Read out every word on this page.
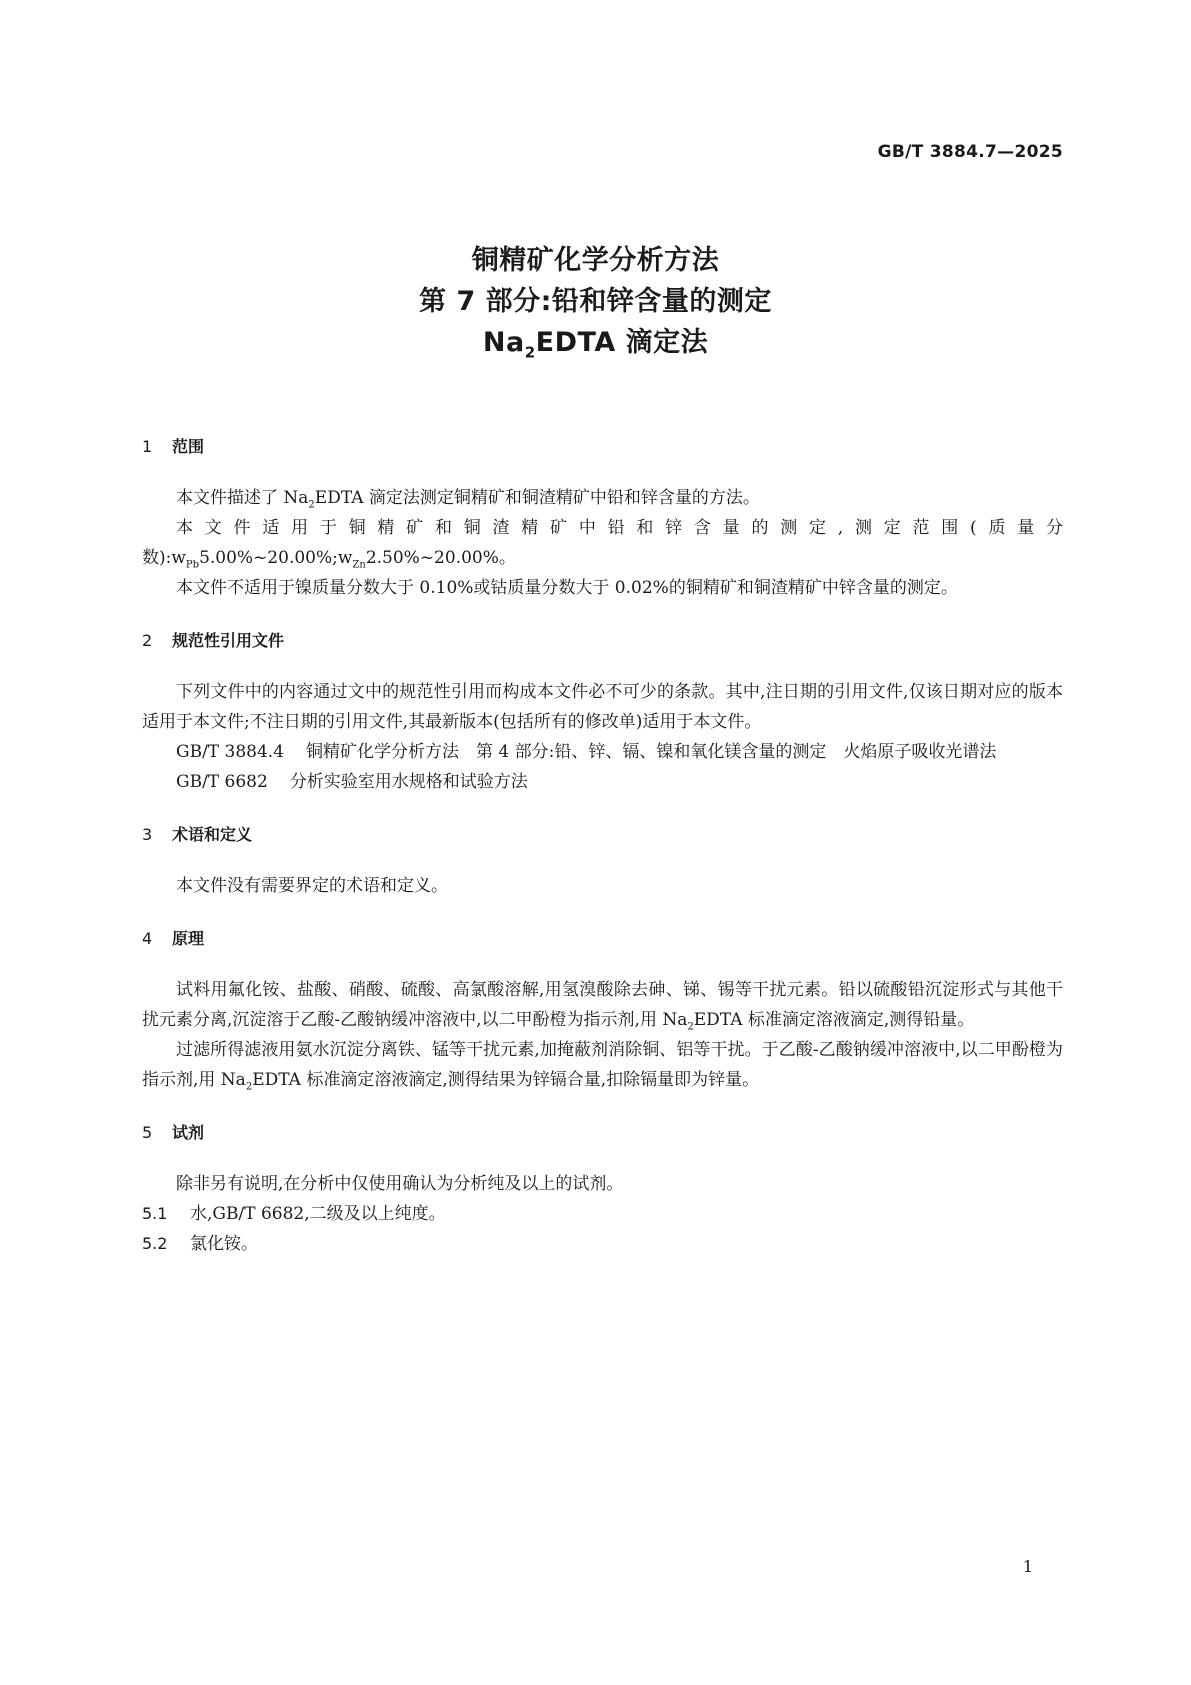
GB/T 3884.7—2025
铜精矿化学分析方法
第 7 部分:铅和锌含量的测定
$Na_2EDTA$ 滴定法

1 范围

本文件描述了 $Na_2EDTA$ 滴定法测定铜精矿和铜渣精矿中铅和锌含量的方法。

本文件适用于铜精矿和铜渣精矿中铅和锌含量的测定,测定范围(质量分数)$:w_{Pb}5.00\%\sim 20.00\%;w_{Zn}2.50\%\sim 20.00\%$。

本文件不适用于镍质量分数大于 0.10%或钴质量分数大于 0.02%的铜精矿和铜渣精矿中锌含量的测定。

2 规范性引用文件

下列文件中的内容通过文中的规范性引用而构成本文件必不可少的条款。其中,注日期的引用文件,仅该日期对应的版本适用于本文件;不注日期的引用文件,其最新版本(包括所有的修改单)适用于本文件。

GB/T 3884.4 铜精矿化学分析方法　第 4 部分:铅、锌、镉、镍和氧化镁含量的测定　火焰原子吸收光谱法

GB/T 6682 分析实验室用水规格和试验方法

3 术语和定义

本文件没有需要界定的术语和定义。

4 原理

试料用氟化铵、盐酸、硝酸、硫酸、高氯酸溶解,用氢溴酸除去砷、锑、锡等干扰元素。铅以硫酸铅沉淀形式与其他干扰元素分离,沉淀溶于乙酸-乙酸钠缓冲溶液中,以二甲酚橙为指示剂,用 $Na_2EDTA$ 标准滴定溶液滴定,测得铅量。

过滤所得滤液用氨水沉淀分离铁、锰等干扰元素,加掩蔽剂消除铜、铝等干扰。于乙酸-乙酸钠缓冲溶液中,以二甲酚橙为指示剂,用 $Na_2EDTA$ 标准滴定溶液滴定,测得结果为锌镉合量,扣除镉量即为锌量。

5 试剂

除非另有说明,在分析中仅使用确认为分析纯及以上的试剂。

5.1 水,GB/T 6682,二级及以上纯度。

5.2 氯化铵。

1
